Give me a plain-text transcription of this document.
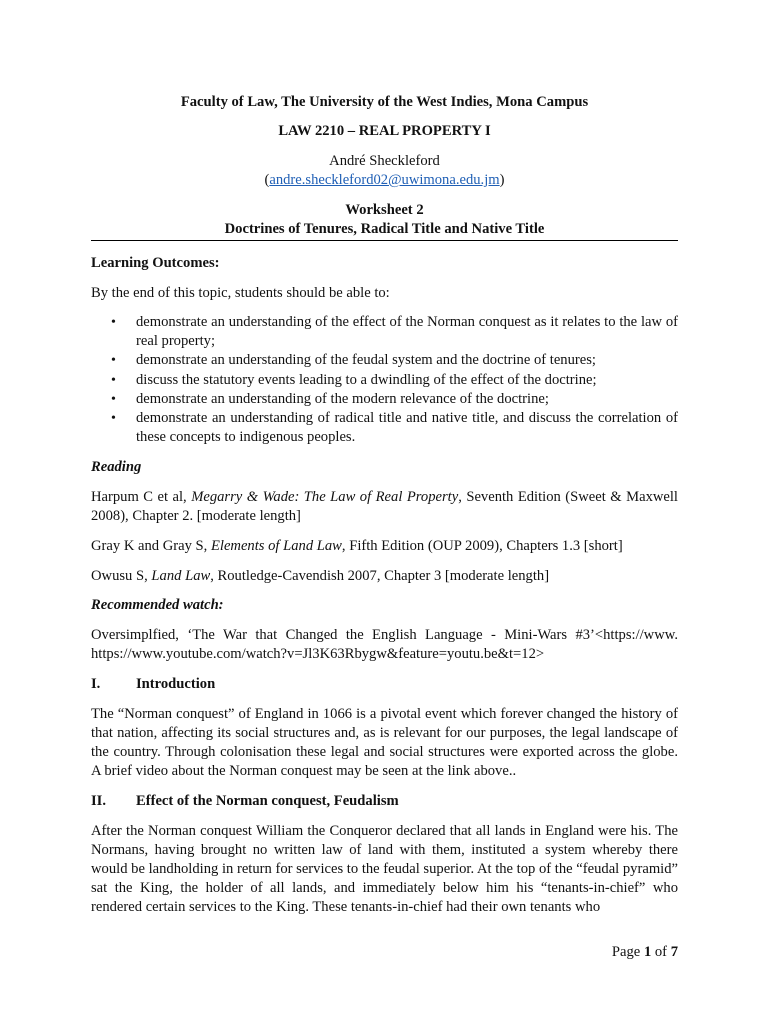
Faculty of Law, The University of the West Indies, Mona Campus

LAW 2210 – REAL PROPERTY I

André Sheckleford

(andre.sheckleford02@uwimona.edu.jm)

Worksheet 2

Doctrines of Tenures, Radical Title and Native Title

Learning Outcomes:

By the end of this topic, students should be able to:

• demonstrate an understanding of the effect of the Norman conquest as it relates to the law of real property;
• demonstrate an understanding of the feudal system and the doctrine of tenures;
• discuss the statutory events leading to a dwindling of the effect of the doctrine;
• demonstrate an understanding of the modern relevance of the doctrine;
• demonstrate an understanding of radical title and native title, and discuss the correlation of these concepts to indigenous peoples.

Reading

Harpum C et al, Megarry & Wade: The Law of Real Property, Seventh Edition (Sweet & Maxwell 2008), Chapter 2. [moderate length]

Gray K and Gray S, Elements of Land Law, Fifth Edition (OUP 2009), Chapters 1.3 [short]

Owusu S, Land Law, Routledge-Cavendish 2007, Chapter 3 [moderate length]

Recommended watch:

Oversimplfied, ‘The War that Changed the English Language - Mini-Wars #3’<https://www. https://www.youtube.com/watch?v=Jl3K63Rbygw&feature=youtu.be&t=12>

I. Introduction

The “Norman conquest” of England in 1066 is a pivotal event which forever changed the history of that nation, affecting its social structures and, as is relevant for our purposes, the legal landscape of the country. Through colonisation these legal and social structures were exported across the globe. A brief video about the Norman conquest may be seen at the link above..

II. Effect of the Norman conquest, Feudalism

After the Norman conquest William the Conqueror declared that all lands in England were his. The Normans, having brought no written law of land with them, instituted a system whereby there would be landholding in return for services to the feudal superior. At the top of the “feudal pyramid” sat the King, the holder of all lands, and immediately below him his “tenants-in-chief” who rendered certain services to the King. These tenants-in-chief had their own tenants who

Page 1 of 7
